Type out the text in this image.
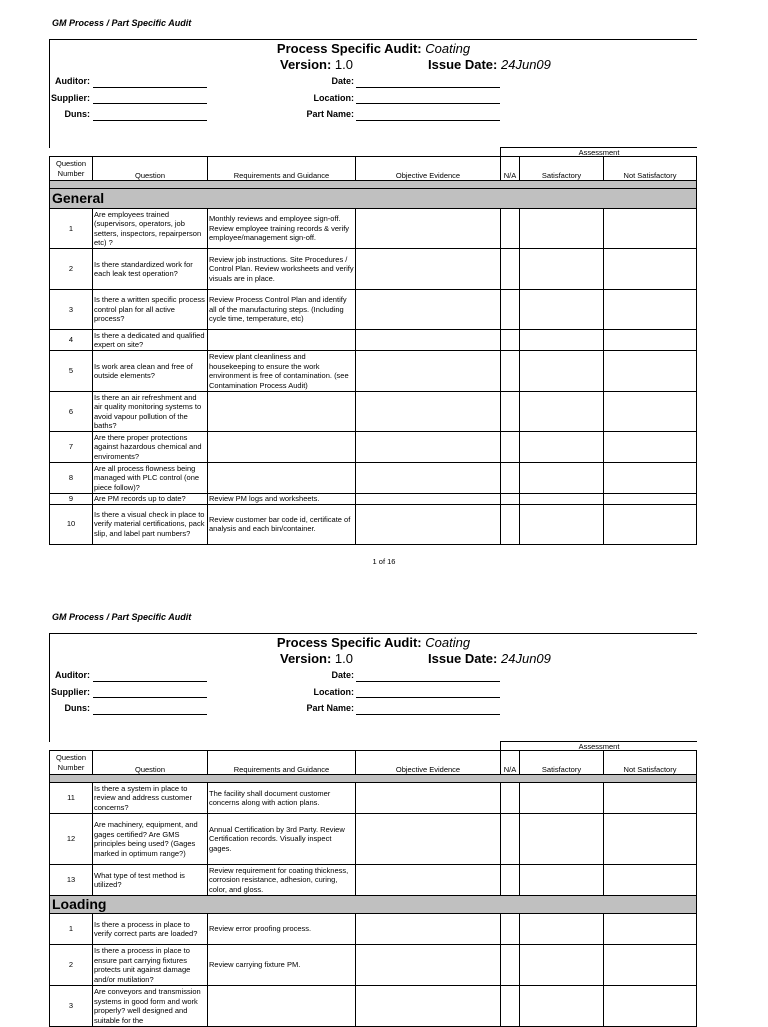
GM Process / Part Specific Audit
Process Specific Audit: Coating
Version: 1.0	Issue Date: 24Jun09
Auditor:
Supplier:
Duns:
Date:
Location:
Part Name:
Assessment
Question Number	Question	Requirements and Guidance	Objective Evidence	N/A	Satisfactory	Not Satisfactory

General						
1	Are employees trained (supervisors, operators, job setters, inspectors, repairperson etc) ?	Monthly reviews and employee sign-off. Review employee training records & verify employee/management sign-off.				
2	Is there standardized work for each leak test operation?	Review job instructions. Site Procedures / Control Plan. Review worksheets and verify visuals are in place.				
3	Is there a written specific process control plan for all active process?	Review Process Control Plan and identify all of the manufacturing steps. (Including cycle time, temperature, etc)				
4	Is there a dedicated and qualified expert on site?					
5	Is work area clean and free of outside elements?	Review plant cleanliness and housekeeping to ensure the work environment is free of contamination. (see Contamination Process Audit)				
6	Is there an air refreshment and air quality monitoring systems to avoid vapour pollution of the baths?					
7	Are there proper protections against hazardous chemical and enviroments?					
8	Are all process flowness being managed with PLC control (one piece follow)?					
9	Are PM records up to date?	Review PM logs and worksheets.				
10	Is there a visual check in place to verify material certifications, pack slip, and label part numbers?	Review customer bar code id, certificate of analysis and each bin/container.				
1 of 16
GM Process / Part Specific Audit
Process Specific Audit: Coating
Version: 1.0	Issue Date: 24Jun09
Auditor:
Supplier:
Duns:
Date:
Location:
Part Name:
Assessment
Question Number	Question	Requirements and Guidance	Objective Evidence	N/A	Satisfactory	Not Satisfactory

11	Is there a system in place to review and address customer concerns?	The facility shall document customer concerns along with action plans.				
12	Are machinery, equipment, and gages certified? Are GMS principles being used? (Gages marked in optimum range?)	Annual Certification by 3rd Party. Review Certification records. Visually inspect gages.				
13	What type of test method is utilized?	Review requirement for coating thickness, corrosion resistance, adhesion, curing, color, and gloss.				
Loading						
1	Is there a process in place to verify correct parts are loaded?	Review error proofing process.				
2	Is there a process in place to ensure part carrying fixtures protects unit against damage and/or mutilation?	Review carrying fixture PM.				
3	Are conveyors and transmission systems in good form and work properly? well designed and suitable for the					
